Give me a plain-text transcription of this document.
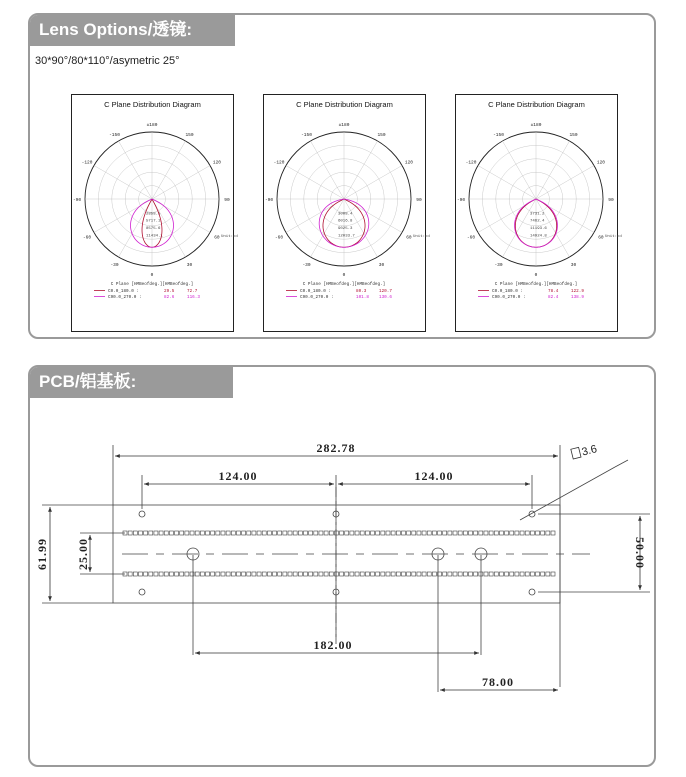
Lens Options/透镜:
30*90°/80*110°/asymetric 25°
C Plane Distribution Diagram
±180
0
-150
-120
-90
-60
-30
150
120
90
60
30
2858.5
5717.1
8575.6
11434.1	Unit:cd
C Plane [HMBeofdeg.][HMBeofdeg.]
C0.0_180.0 :	29.5	72.7
C90.0_270.0 :	82.6	116.3
C Plane Distribution Diagram
±180
0
-150
-120
-90
-60
-30
150
120
90
60
30
3008.4
6016.8
9025.3
12033.7	Unit:cd
C Plane [HMBeofdeg.][HMBeofdeg.]
C0.0_180.0 :	80.3	120.7
C90.0_270.0 :	101.8 130.6
C Plane Distribution Diagram
±180
0
-150
-120
-90
-60
-30
150
120
90
60
30
3731.2
7462.4
11193.6
14924.8	Unit:cd
C Plane [HMBeofdeg.][HMBeofdeg.]
C0.0_180.0 :	78.4	122.9
C90.0_270.0 :	82.4	138.9
PCB/铝基板:
282.78
124.00	124.00
182.00
78.00
61.99 25.00	50.00
3.6
